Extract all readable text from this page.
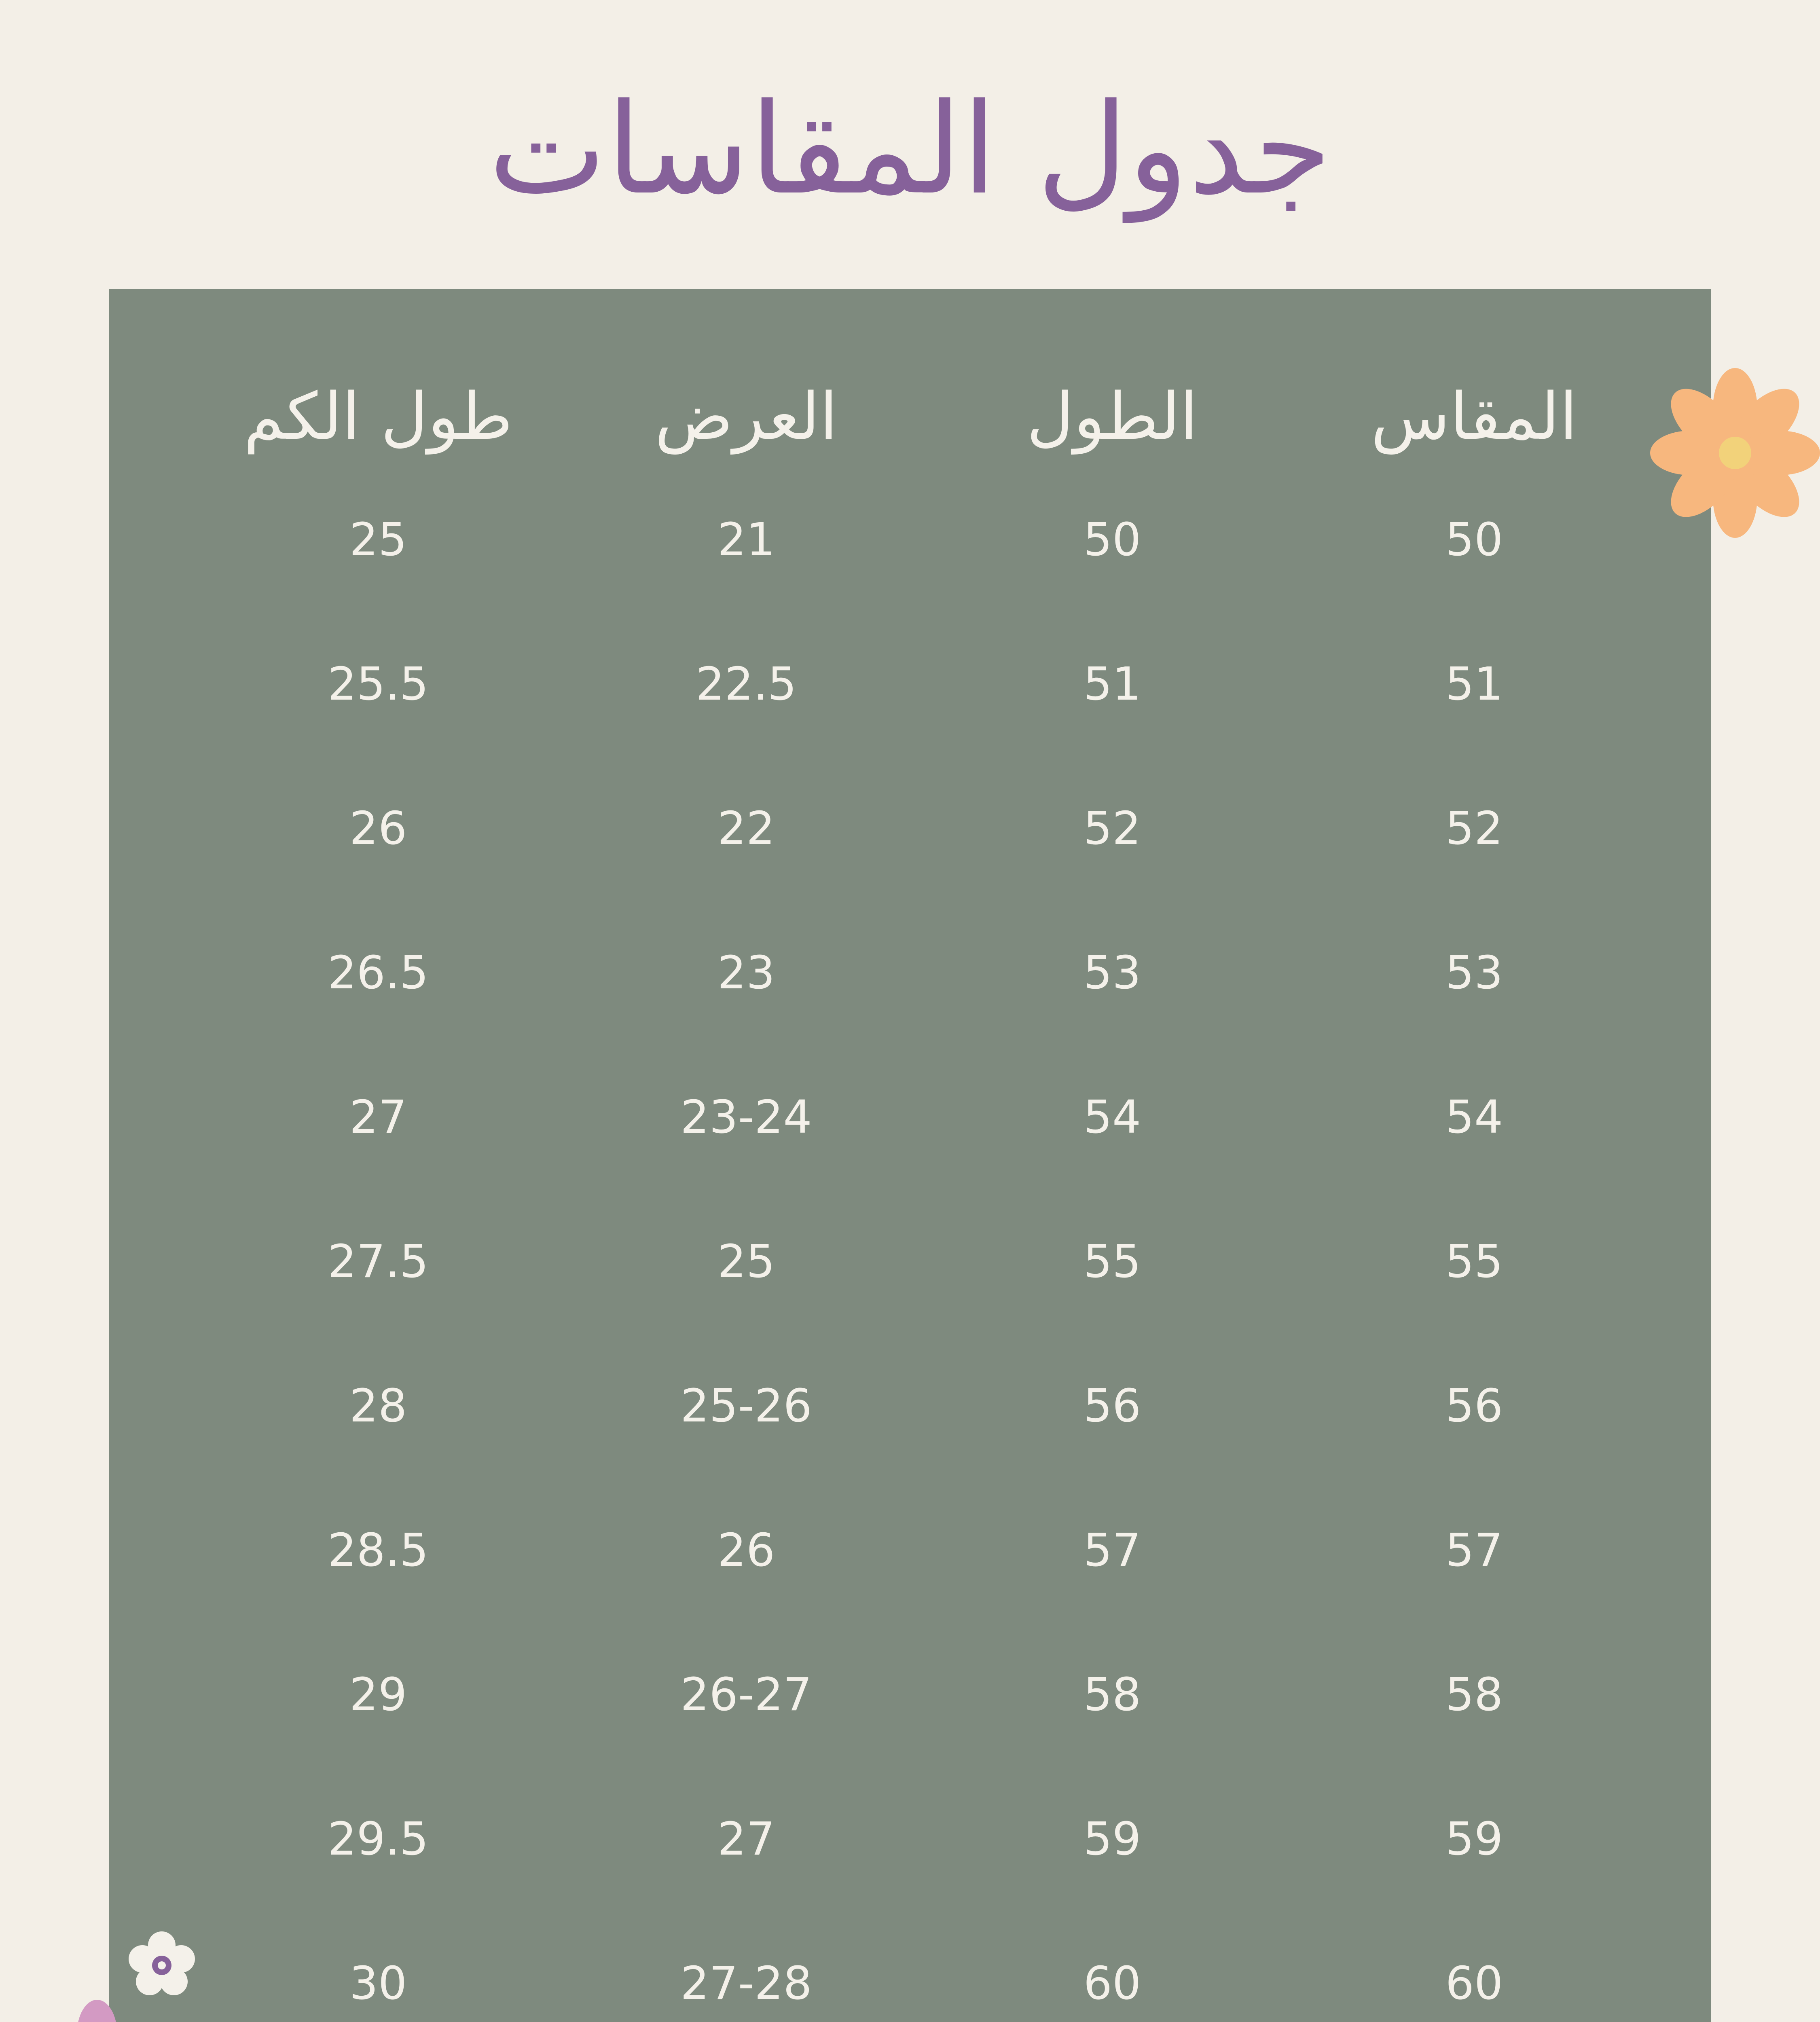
جدول المقاسات
المقاس
الطول
العرض
طول الكم
50
50
21
25
51
51
22.5
25.5
52
52
22
26
53
53
23
26.5
54
54
23-24
27
55
55
25
27.5
56
56
25-26
28
57
57
26
28.5
58
58
26-27
29
59
59
27
29.5
60
60
27-28
30
